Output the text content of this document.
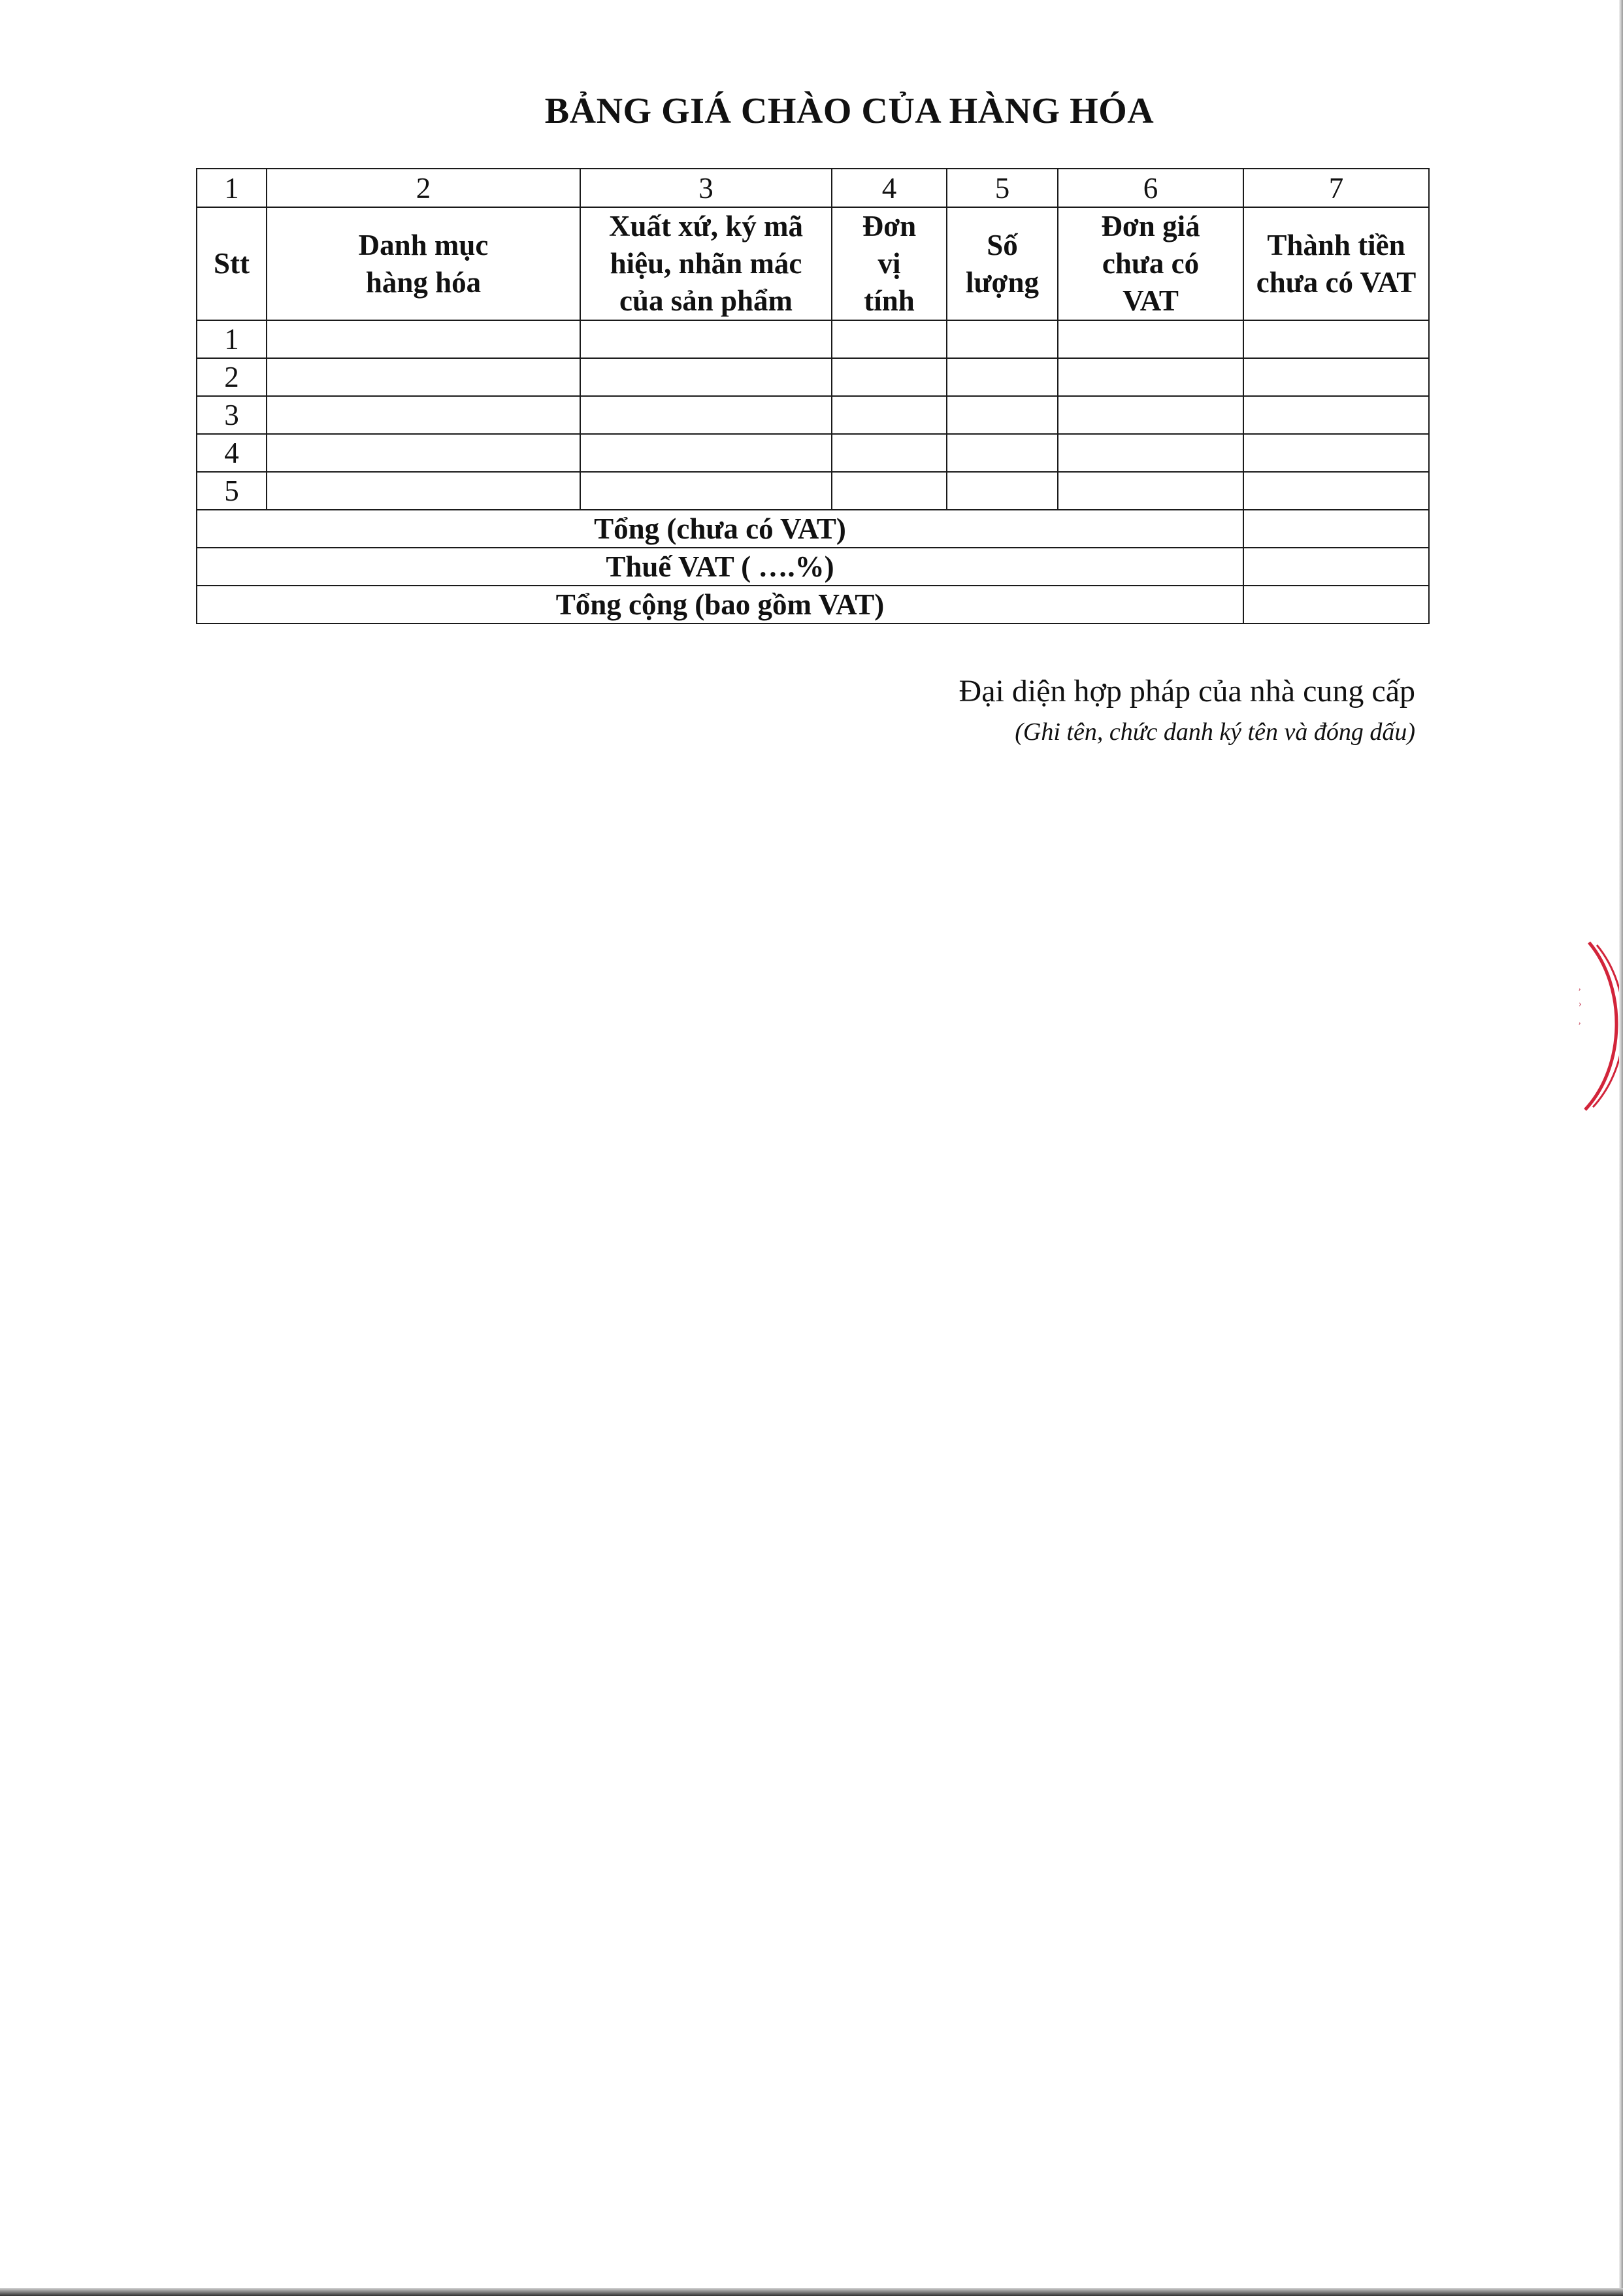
BẢNG GIÁ CHÀO CỦA HÀNG HÓA
1	2	3	4	5	6	7
Stt	Danh mục hàng hóa	Xuất xứ, ký mã hiệu, nhãn mác của sản phẩm	Đơn vị tính	Số lượng	Đơn giá chưa có VAT	Thành tiền chưa có VAT
1						
2						
3						
4						
5						
Tổng (chưa có VAT)						
Thuế VAT ( ….%)						
Tổng cộng (bao gồm VAT)						
Đại diện hợp pháp của nhà cung cấp
(Ghi tên, chức danh ký tên và đóng dấu)
,
›
,
